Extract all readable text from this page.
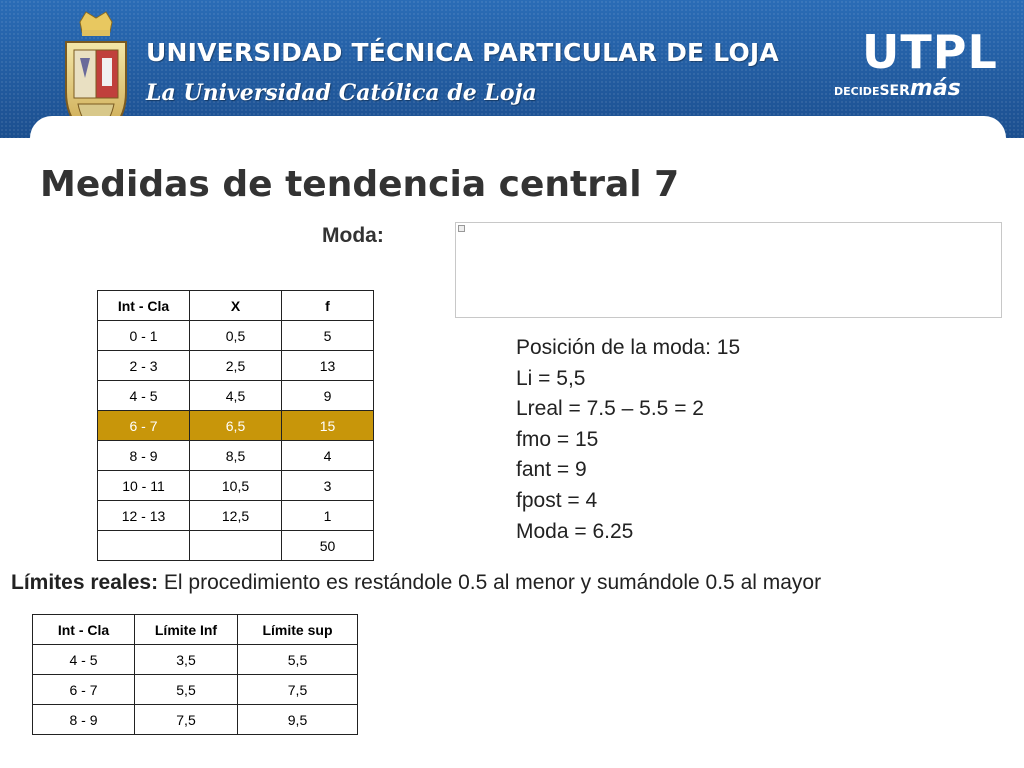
UNIVERSIDAD TÉCNICA PARTICULAR DE LOJA
La Universidad Católica de Loja
UTPL
DECIDESERmás
Medidas de tendencia central 7
Moda:
Int - Cla	X	f
0 - 1	0,5	5
2 - 3	2,5	13
4 - 5	4,5	9
6 - 7	6,5	15
8 - 9	8,5	4
10 - 11	10,5	3
12 - 13	12,5	1
		50

Posición de la moda: 15

Li = 5,5

Lreal = 7.5 – 5.5 = 2

fmo = 15

fant = 9

fpost = 4

Moda = 6.25

Límites reales: El procedimiento es restándole 0.5 al menor y sumándole 0.5 al mayor

Int - Cla	Límite Inf	Límite sup
4 - 5	3,5	5,5
6 - 7	5,5	7,5
8 - 9	7,5	9,5
